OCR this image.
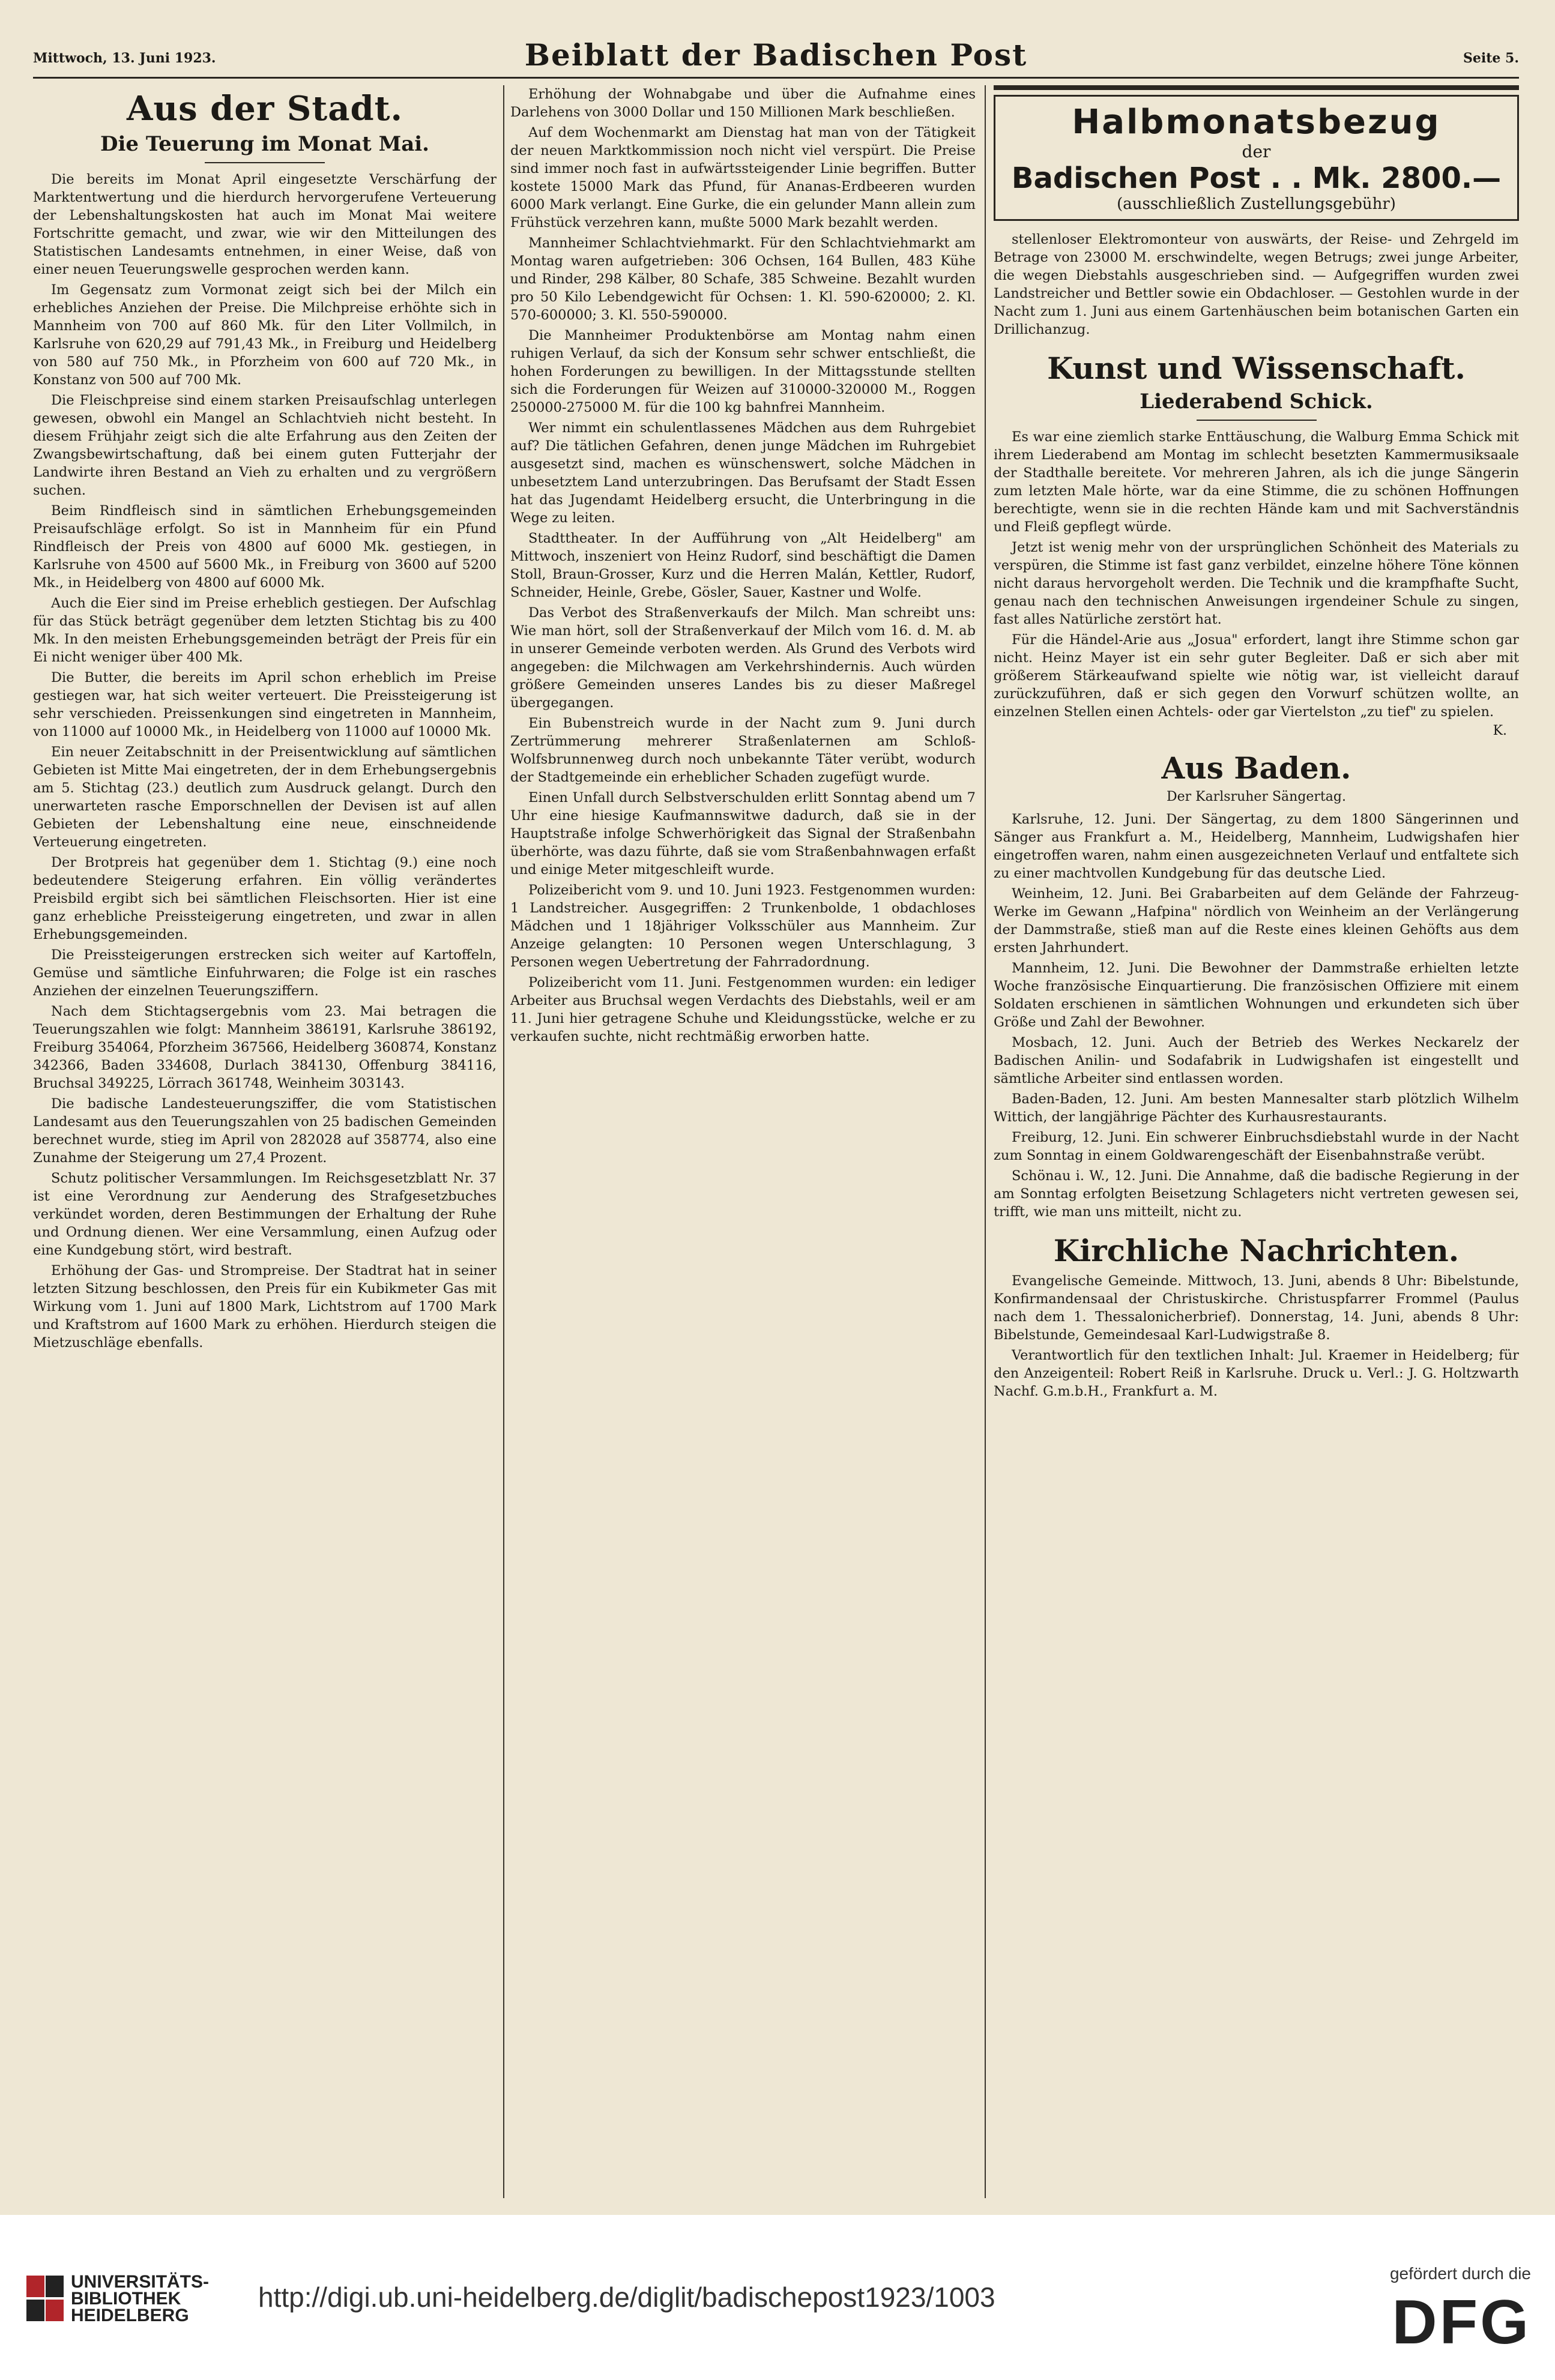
Mittwoch, 13. Juni 1923.	Beiblatt der Badischen Post	Seite 5.
Aus der Stadt.
Die Teuerung im Monat Mai.

Die bereits im Monat April eingesetzte Verschärfung der Marktentwertung und die hierdurch hervorgerufene Verteuerung der Lebenshaltungskosten hat auch im Monat Mai weitere Fortschritte gemacht, und zwar, wie wir den Mitteilungen des Statistischen Landesamts entnehmen, in einer Weise, daß von einer neuen Teuerungswelle gesprochen werden kann.

Im Gegensatz zum Vormonat zeigt sich bei der Milch ein erhebliches Anziehen der Preise. Die Milchpreise erhöhte sich in Mannheim von 700 auf 860 Mk. für den Liter Vollmilch, in Karlsruhe von 620,29 auf 791,43 Mk., in Freiburg und Heidelberg von 580 auf 750 Mk., in Pforzheim von 600 auf 720 Mk., in Konstanz von 500 auf 700 Mk.

Die Fleischpreise sind einem starken Preisaufschlag unterlegen gewesen, obwohl ein Mangel an Schlachtvieh nicht besteht. In diesem Frühjahr zeigt sich die alte Erfahrung aus den Zeiten der Zwangsbewirtschaftung, daß bei einem guten Futterjahr der Landwirte ihren Bestand an Vieh zu erhalten und zu vergrößern suchen.

Beim Rindfleisch sind in sämtlichen Erhebungsgemeinden Preisaufschläge erfolgt. So ist in Mannheim für ein Pfund Rindfleisch der Preis von 4800 auf 6000 Mk. gestiegen, in Karlsruhe von 4500 auf 5600 Mk., in Freiburg von 3600 auf 5200 Mk., in Heidelberg von 4800 auf 6000 Mk.

Auch die Eier sind im Preise erheblich gestiegen. Der Aufschlag für das Stück beträgt gegenüber dem letzten Stichtag bis zu 400 Mk. In den meisten Erhebungsgemeinden beträgt der Preis für ein Ei nicht weniger über 400 Mk.

Die Butter, die bereits im April schon erheblich im Preise gestiegen war, hat sich weiter verteuert. Die Preissteigerung ist sehr verschieden. Preissenkungen sind eingetreten in Mannheim, von 11000 auf 10000 Mk., in Heidelberg von 11000 auf 10000 Mk.

Ein neuer Zeitabschnitt in der Preisentwicklung auf sämtlichen Gebieten ist Mitte Mai eingetreten, der in dem Erhebungsergebnis am 5. Stichtag (23.) deutlich zum Ausdruck gelangt. Durch den unerwarteten rasche Emporschnellen der Devisen ist auf allen Gebieten der Lebenshaltung eine neue, einschneidende Verteuerung eingetreten.

Der Brotpreis hat gegenüber dem 1. Stichtag (9.) eine noch bedeutendere Steigerung erfahren. Ein völlig verändertes Preisbild ergibt sich bei sämtlichen Fleischsorten. Hier ist eine ganz erhebliche Preissteigerung eingetreten, und zwar in allen Erhebungsgemeinden.

Die Preissteigerungen erstrecken sich weiter auf Kartoffeln, Gemüse und sämtliche Einfuhrwaren; die Folge ist ein rasches Anziehen der einzelnen Teuerungsziffern.

Nach dem Stichtagsergebnis vom 23. Mai betragen die Teuerungszahlen wie folgt: Mannheim 386191, Karlsruhe 386192, Freiburg 354064, Pforzheim 367566, Heidelberg 360874, Konstanz 342366, Baden 334608, Durlach 384130, Offenburg 384116, Bruchsal 349225, Lörrach 361748, Weinheim 303143.

Die badische Landesteuerungsziffer, die vom Statistischen Landesamt aus den Teuerungszahlen von 25 badischen Gemeinden berechnet wurde, stieg im April von 282028 auf 358774, also eine Zunahme der Steigerung um 27,4 Prozent.

Schutz politischer Versammlungen. Im Reichsgesetzblatt Nr. 37 ist eine Verordnung zur Aenderung des Strafgesetzbuches verkündet worden, deren Bestimmungen der Erhaltung der Ruhe und Ordnung dienen. Wer eine Versammlung, einen Aufzug oder eine Kundgebung stört, wird bestraft.

Erhöhung der Gas- und Strompreise. Der Stadtrat hat in seiner letzten Sitzung beschlossen, den Preis für ein Kubikmeter Gas mit Wirkung vom 1. Juni auf 1800 Mark, Lichtstrom auf 1700 Mark und Kraftstrom auf 1600 Mark zu erhöhen. Hierdurch steigen die Mietzuschläge ebenfalls.

Erhöhung der Wohnabgabe und über die Aufnahme eines Darlehens von 3000 Dollar und 150 Millionen Mark beschließen.

Auf dem Wochenmarkt am Dienstag hat man von der Tätigkeit der neuen Marktkommission noch nicht viel verspürt. Die Preise sind immer noch fast in aufwärtssteigender Linie begriffen. Butter kostete 15000 Mark das Pfund, für Ananas-Erdbeeren wurden 6000 Mark verlangt. Eine Gurke, die ein gelunder Mann allein zum Frühstück verzehren kann, mußte 5000 Mark bezahlt werden.

Mannheimer Schlachtviehmarkt. Für den Schlachtviehmarkt am Montag waren aufgetrieben: 306 Ochsen, 164 Bullen, 483 Kühe und Rinder, 298 Kälber, 80 Schafe, 385 Schweine. Bezahlt wurden pro 50 Kilo Lebendgewicht für Ochsen: 1. Kl. 590-620000; 2. Kl. 570-600000; 3. Kl. 550-590000.

Die Mannheimer Produktenbörse am Montag nahm einen ruhigen Verlauf, da sich der Konsum sehr schwer entschließt, die hohen Forderungen zu bewilligen. In der Mittagsstunde stellten sich die Forderungen für Weizen auf 310000-320000 M., Roggen 250000-275000 M. für die 100 kg bahnfrei Mannheim.

Wer nimmt ein schulentlassenes Mädchen aus dem Ruhrgebiet auf? Die tätlichen Gefahren, denen junge Mädchen im Ruhrgebiet ausgesetzt sind, machen es wünschenswert, solche Mädchen in unbesetztem Land unterzubringen. Das Berufsamt der Stadt Essen hat das Jugendamt Heidelberg ersucht, die Unterbringung in die Wege zu leiten.

Stadttheater. In der Aufführung von „Alt Heidelberg" am Mittwoch, inszeniert von Heinz Rudorf, sind beschäftigt die Damen Stoll, Braun-Grosser, Kurz und die Herren Malán, Kettler, Rudorf, Schneider, Heinle, Grebe, Gösler, Sauer, Kastner und Wolfe.

Das Verbot des Straßenverkaufs der Milch. Man schreibt uns: Wie man hört, soll der Straßenverkauf der Milch vom 16. d. M. ab in unserer Gemeinde verboten werden. Als Grund des Verbots wird angegeben: die Milchwagen am Verkehrshindernis. Auch würden größere Gemeinden unseres Landes bis zu dieser Maßregel übergegangen.

Ein Bubenstreich wurde in der Nacht zum 9. Juni durch Zertrümmerung mehrerer Straßenlaternen am Schloß-Wolfsbrunnenweg durch noch unbekannte Täter verübt, wodurch der Stadtgemeinde ein erheblicher Schaden zugefügt wurde.

Einen Unfall durch Selbstverschulden erlitt Sonntag abend um 7 Uhr eine hiesige Kaufmannswitwe dadurch, daß sie in der Hauptstraße infolge Schwerhörigkeit das Signal der Straßenbahn überhörte, was dazu führte, daß sie vom Straßenbahnwagen erfaßt und einige Meter mitgeschleift wurde.

Polizeibericht vom 9. und 10. Juni 1923. Festgenommen wurden: 1 Landstreicher. Ausgegriffen: 2 Trunkenbolde, 1 obdachloses Mädchen und 1 18jähriger Volksschüler aus Mannheim. Zur Anzeige gelangten: 10 Personen wegen Unterschlagung, 3 Personen wegen Uebertretung der Fahrradordnung.

Polizeibericht vom 11. Juni. Festgenommen wurden: ein lediger Arbeiter aus Bruchsal wegen Verdachts des Diebstahls, weil er am 11. Juni hier getragene Schuhe und Kleidungsstücke, welche er zu verkaufen suchte, nicht rechtmäßig erworben hatte.

Halbmonatsbezug
der
Badischen Post . . Mk. 2800.—
(ausschließlich Zustellungsgebühr)

stellenloser Elektromonteur von auswärts, der Reise- und Zehrgeld im Betrage von 23000 M. erschwindelte, wegen Betrugs; zwei junge Arbeiter, die wegen Diebstahls ausgeschrieben sind. — Aufgegriffen wurden zwei Landstreicher und Bettler sowie ein Obdachloser. — Gestohlen wurde in der Nacht zum 1. Juni aus einem Gartenhäuschen beim botanischen Garten ein Drillichanzug.

Kunst und Wissenschaft.
Liederabend Schick.

Es war eine ziemlich starke Enttäuschung, die Walburg Emma Schick mit ihrem Liederabend am Montag im schlecht besetzten Kammermusiksaale der Stadthalle bereitete. Vor mehreren Jahren, als ich die junge Sängerin zum letzten Male hörte, war da eine Stimme, die zu schönen Hoffnungen berechtigte, wenn sie in die rechten Hände kam und mit Sachverständnis und Fleiß gepflegt würde.

Jetzt ist wenig mehr von der ursprünglichen Schönheit des Materials zu verspüren, die Stimme ist fast ganz verbildet, einzelne höhere Töne können nicht daraus hervorgeholt werden. Die Technik und die krampfhafte Sucht, genau nach den technischen Anweisungen irgendeiner Schule zu singen, fast alles Natürliche zerstört hat.

Für die Händel-Arie aus „Josua" erfordert, langt ihre Stimme schon gar nicht. Heinz Mayer ist ein sehr guter Begleiter. Daß er sich aber mit größerem Stärkeaufwand spielte wie nötig war, ist vielleicht darauf zurückzuführen, daß er sich gegen den Vorwurf schützen wollte, an einzelnen Stellen einen Achtels- oder gar Viertelston „zu tief" zu spielen.

K.
Aus Baden.
Der Karlsruher Sängertag.

Karlsruhe, 12. Juni. Der Sängertag, zu dem 1800 Sängerinnen und Sänger aus Frankfurt a. M., Heidelberg, Mannheim, Ludwigshafen hier eingetroffen waren, nahm einen ausgezeichneten Verlauf und entfaltete sich zu einer machtvollen Kundgebung für das deutsche Lied.

Weinheim, 12. Juni. Bei Grabarbeiten auf dem Gelände der Fahrzeug-Werke im Gewann „Hafpina" nördlich von Weinheim an der Verlängerung der Dammstraße, stieß man auf die Reste eines kleinen Gehöfts aus dem ersten Jahrhundert.

Mannheim, 12. Juni. Die Bewohner der Dammstraße erhielten letzte Woche französische Einquartierung. Die französischen Offiziere mit einem Soldaten erschienen in sämtlichen Wohnungen und erkundeten sich über Größe und Zahl der Bewohner.

Mosbach, 12. Juni. Auch der Betrieb des Werkes Neckarelz der Badischen Anilin- und Sodafabrik in Ludwigshafen ist eingestellt und sämtliche Arbeiter sind entlassen worden.

Baden-Baden, 12. Juni. Am besten Mannesalter starb plötzlich Wilhelm Wittich, der langjährige Pächter des Kurhausrestaurants.

Freiburg, 12. Juni. Ein schwerer Einbruchsdiebstahl wurde in der Nacht zum Sonntag in einem Goldwarengeschäft der Eisenbahnstraße verübt.

Schönau i. W., 12. Juni. Die Annahme, daß die badische Regierung in der am Sonntag erfolgten Beisetzung Schlageters nicht vertreten gewesen sei, trifft, wie man uns mitteilt, nicht zu.

Kirchliche Nachrichten.

Evangelische Gemeinde. Mittwoch, 13. Juni, abends 8 Uhr: Bibelstunde, Konfirmandensaal der Christuskirche. Christuspfarrer Frommel (Paulus nach dem 1. Thessalonicherbrief). Donnerstag, 14. Juni, abends 8 Uhr: Bibelstunde, Gemeindesaal Karl-Ludwigstraße 8.

Verantwortlich für den textlichen Inhalt: Jul. Kraemer in Heidelberg; für den Anzeigenteil: Robert Reiß in Karlsruhe. Druck u. Verl.: J. G. Holtzwarth Nachf. G.m.b.H., Frankfurt a. M.

UNIVERSITÄTS-
BIBLIOTHEK
HEIDELBERG
http://digi.ub.uni-heidelberg.de/diglit/badischepost1923/1003
gefördert durch die
DFG
